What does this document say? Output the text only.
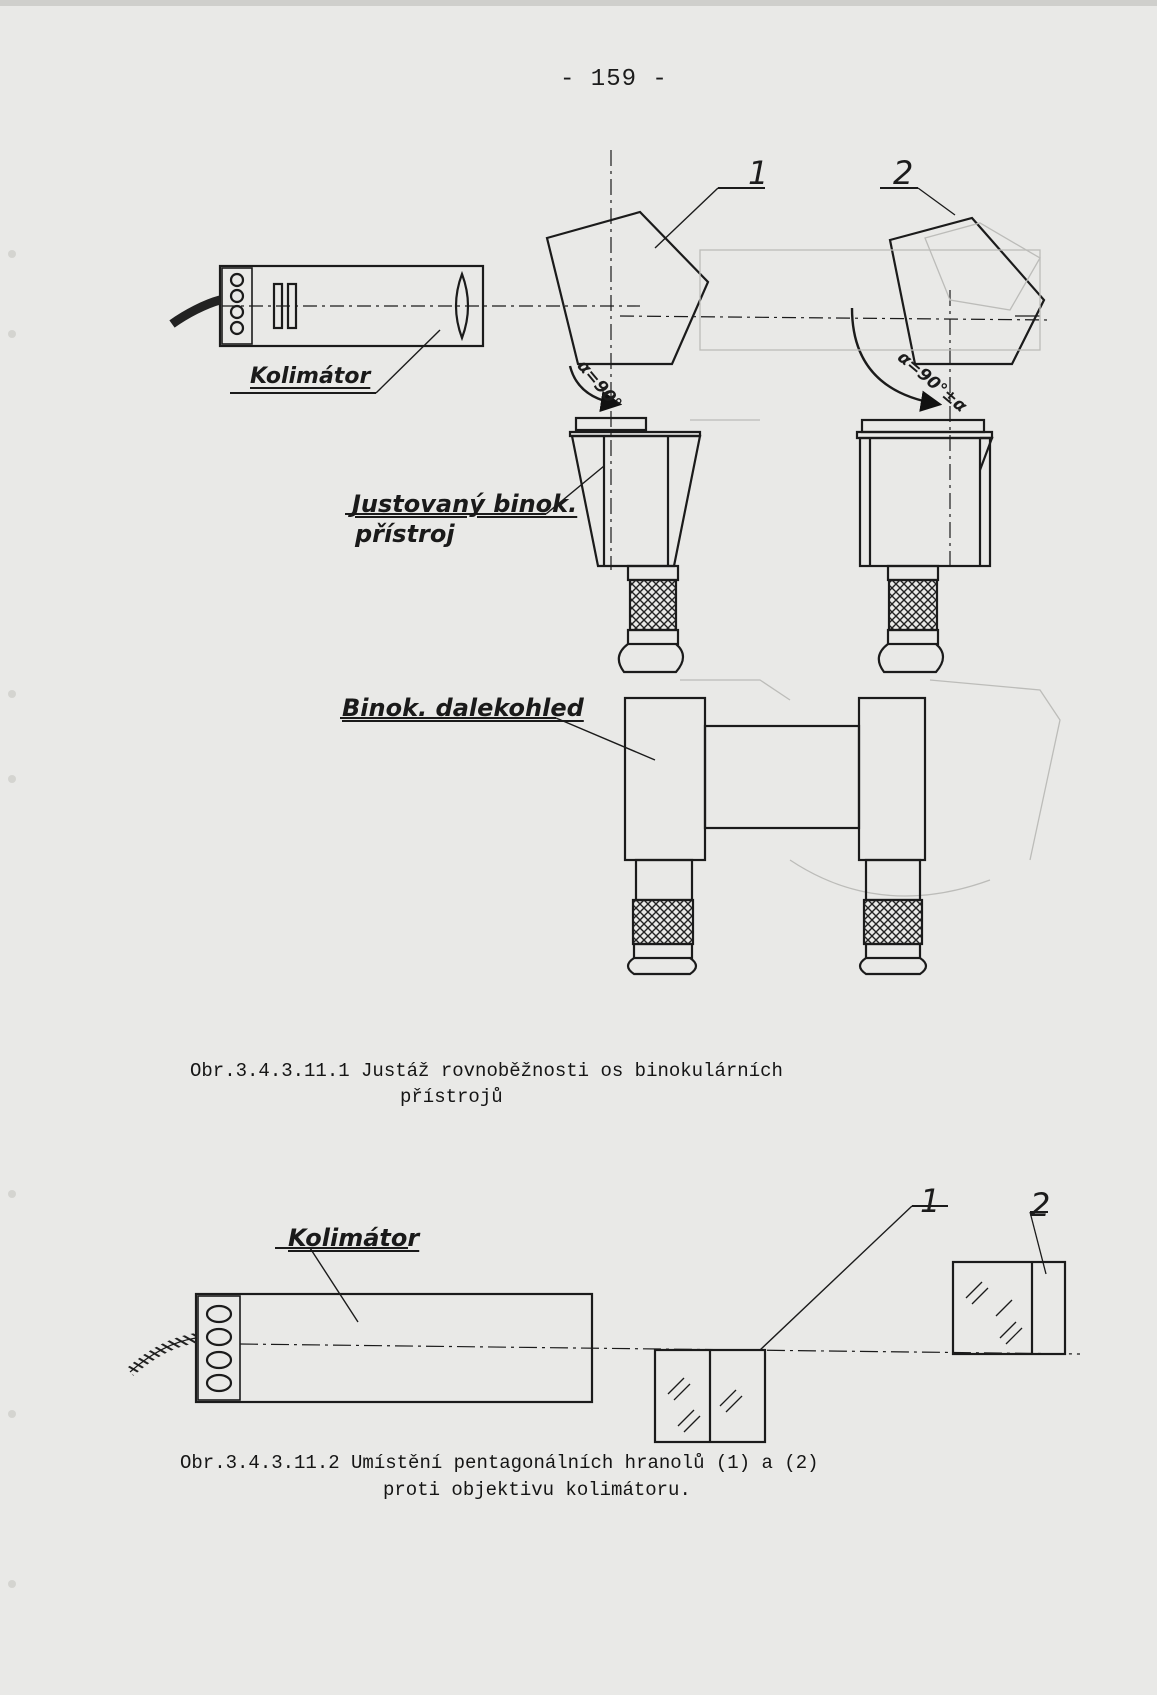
- 159 -
Kolimátor
Justovaný binok.
přístroj
Binok. dalekohled
1	2
α=90°	α=90°±α
Kolimátor
1	2
Obr.3.4.3.11.1 Justáž rovnoběžnosti os binokulárních
přístrojů
Obr.3.4.3.11.2 Umístění pentagonálních hranolů (1) a (2)
proti objektivu kolimátoru.
